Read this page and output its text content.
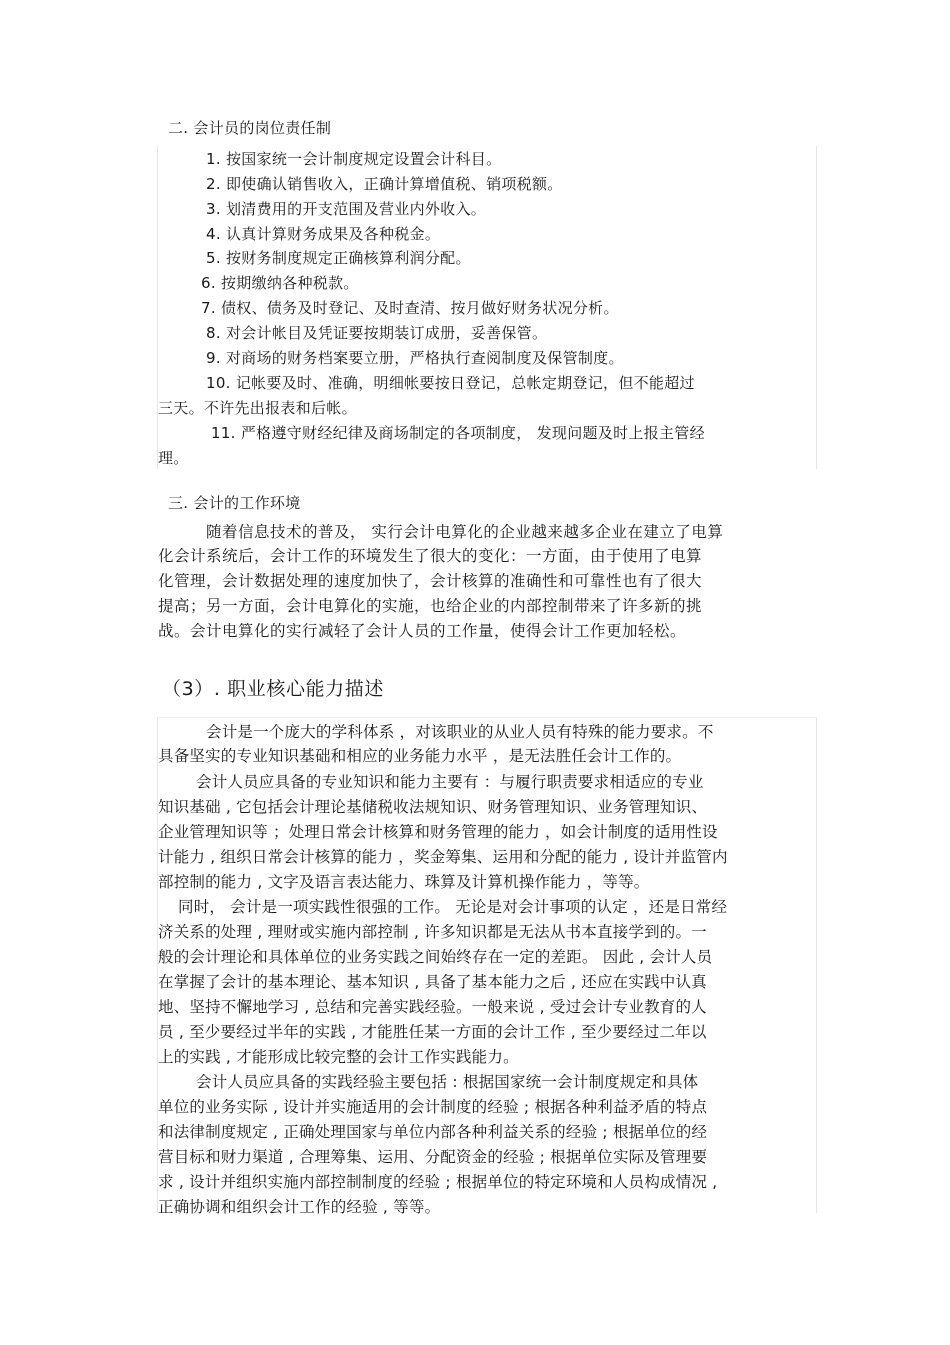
二. 会计员的岗位责任制
1. 按国家统一会计制度规定设置会计科目。
2. 即使确认销售收入，正确计算增值税、销项税额。
3. 划清费用的开支范围及营业内外收入。
4. 认真计算财务成果及各种税金。
5. 按财务制度规定正确核算利润分配。
6. 按期缴纳各种税款。
7. 债权、债务及时登记、及时查清、按月做好财务状况分析。
8. 对会计帐目及凭证要按期装订成册，妥善保管。
9. 对商场的财务档案要立册，严格执行查阅制度及保管制度。
10. 记帐要及时、准确，明细帐要按日登记，总帐定期登记，但不能超过
三天。不许先出报表和后帐。
11. 严格遵守财经纪律及商场制定的各项制度， 发现问题及时上报主管经
理。
三. 会计的工作环境
随着信息技术的普及， 实行会计电算化的企业越来越多企业在建立了电算
化会计系统后，会计工作的环境发生了很大的变化：一方面，由于使用了电算
化管理，会计数据处理的速度加快了，会计核算的准确性和可靠性也有了很大
提高；另一方面，会计电算化的实施，也给企业的内部控制带来了许多新的挑
战。会计电算化的实行减轻了会计人员的工作量，使得会计工作更加轻松。
（3）. 职业核心能力描述
会计是一个庞大的学科体系 ，对该职业的从业人员有特殊的能力要求。不
具备坚实的专业知识基础和相应的业务能力水平 ，是无法胜任会计工作的。
会计人员应具备的专业知识和能力主要有 ：与履行职责要求相适应的专业
知识基础 , 它包括会计理论基储税收法规知识、财务管理知识、业务管理知识、
企业管理知识等 ；处理日常会计核算和财务管理的能力 ，如会计制度的适用性设
计能力 , 组织日常会计核算的能力 ，奖金筹集、运用和分配的能力 , 设计并监管内
部控制的能力 , 文字及语言表达能力、珠算及计算机操作能力 ，等等。
同时， 会计是一项实践性很强的工作。 无论是对会计事项的认定 ，还是日常经
济关系的处理 , 理财或实施内部控制 , 许多知识都是无法从书本直接学到的。一
般的会计理论和具体单位的业务实践之间始终存在一定的差距。 因此 , 会计人员
在掌握了会计的基本理论、基本知识 , 具备了基本能力之后 , 还应在实践中认真
地、坚持不懈地学习 , 总结和完善实践经验。一般来说 , 受过会计专业教育的人
员 , 至少要经过半年的实践 , 才能胜任某一方面的会计工作 , 至少要经过二年以
上的实践 , 才能形成比较完整的会计工作实践能力。
会计人员应具备的实践经验主要包括 : 根据国家统一会计制度规定和具体
单位的业务实际 , 设计并实施适用的会计制度的经验 ; 根据各种利益矛盾的特点
和法律制度规定 , 正确处理国家与单位内部各种利益关系的经验 ; 根据单位的经
营目标和财力渠道 , 合理筹集、运用、分配资金的经验 ; 根据单位实际及管理要
求 , 设计并组织实施内部控制制度的经验 ; 根据单位的特定环境和人员构成情况 ,
正确协调和组织会计工作的经验 , 等等。
